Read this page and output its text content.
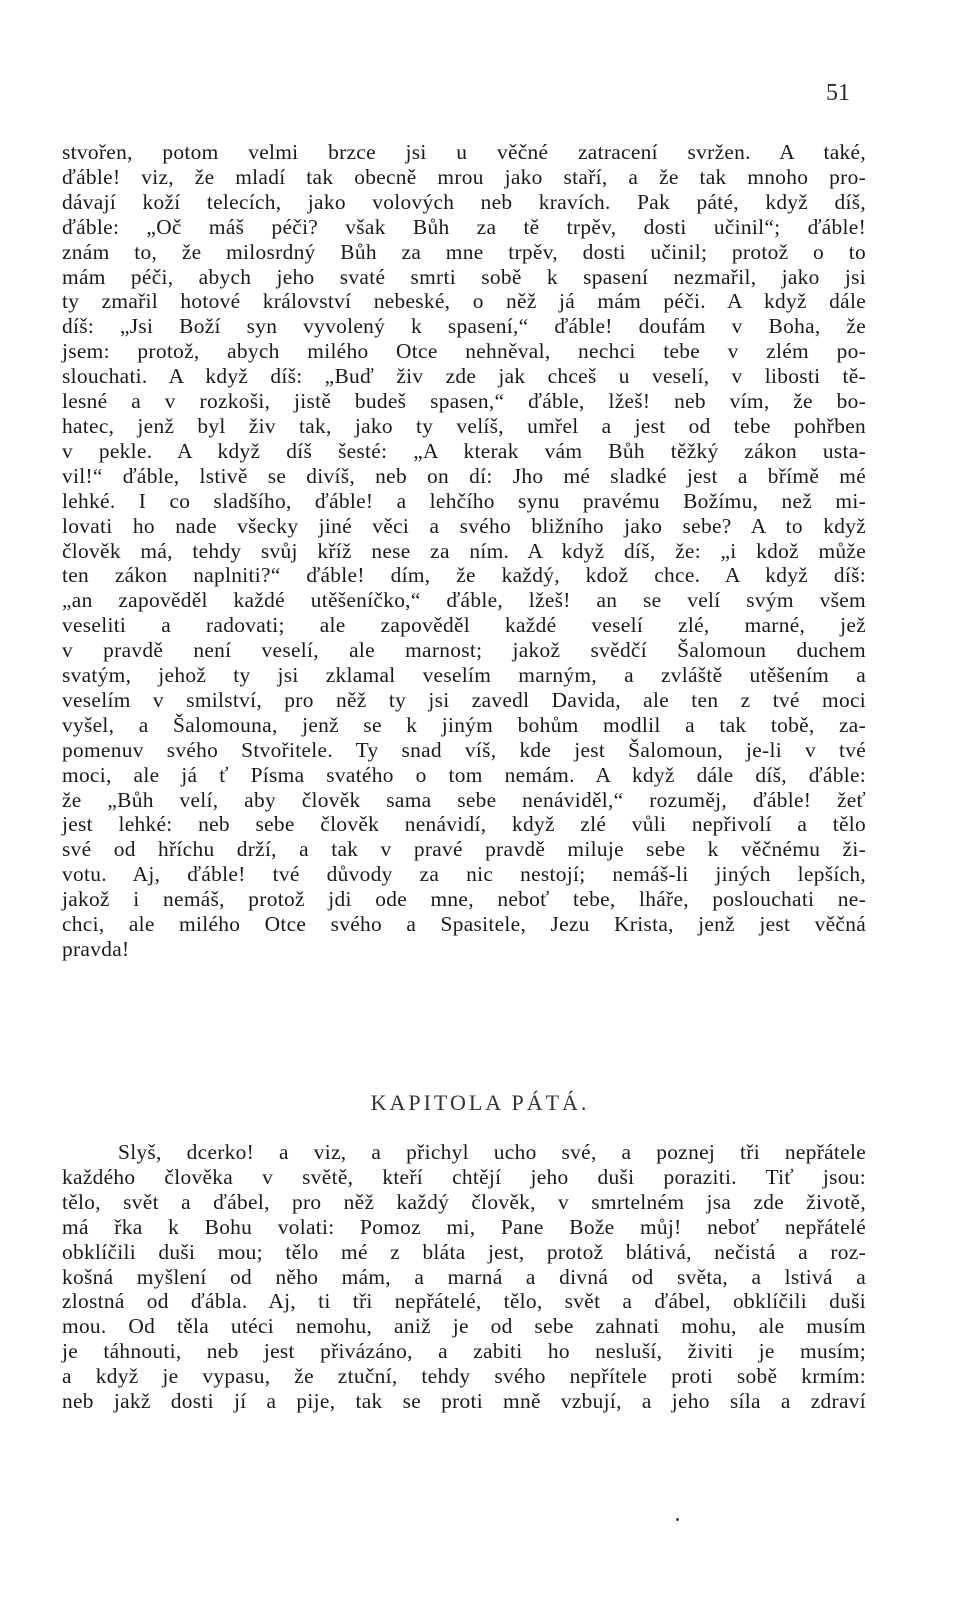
51
stvořen, potom velmi brzce jsi u věčné zatracení svržen. A také,
ďáble! viz, že mladí tak obecně mrou jako staří, a že tak mnoho pro-
dávají koží telecích, jako volových neb kravích. Pak páté, když díš,
ďáble: „Oč máš péči? však Bůh za tě trpěv, dosti učinil“; ďáble!
znám to, že milosrdný Bůh za mne trpěv, dosti učinil; protož o to
mám péči, abych jeho svaté smrti sobě k spasení nezmařil, jako jsi
ty zmařil hotové království nebeské, o něž já mám péči. A když dále
díš: „Jsi Boží syn vyvolený k spasení,“ ďáble! doufám v Boha, že
jsem: protož, abych milého Otce nehněval, nechci tebe v zlém po-
slouchati. A když díš: „Buď živ zde jak chceš u veselí, v libosti tě-
lesné a v rozkoši, jistě budeš spasen,“ ďáble, lžeš! neb vím, že bo-
hatec, jenž byl živ tak, jako ty velíš, umřel a jest od tebe pohřben
v pekle. A když díš šesté: „A kterak vám Bůh těžký zákon usta-
vil!“ ďáble, lstivě se divíš, neb on dí: Jho mé sladké jest a břímě mé
lehké. I co sladšího, ďáble! a lehčího synu pravému Božímu, než mi-
lovati ho nade všecky jiné věci a svého bližního jako sebe? A to když
člověk má, tehdy svůj kříž nese za ním. A když díš, že: „i kdož může
ten zákon naplniti?“ ďáble! dím, že každý, kdož chce. A když díš:
„an zapověděl každé utěšeníčko,“ ďáble, lžeš! an se velí svým všem
veseliti a radovati; ale zapověděl každé veselí zlé, marné, jež
v pravdě není veselí, ale marnost; jakož svědčí Šalomoun duchem
svatým, jehož ty jsi zklamal veselím marným, a zvláště utěšením a
veselím v smilství, pro něž ty jsi zavedl Davida, ale ten z tvé moci
vyšel, a Šalomouna, jenž se k jiným bohům modlil a tak tobě, za-
pomenuv svého Stvořitele. Ty snad víš, kde jest Šalomoun, je-li v tvé
moci, ale já ť Písma svatého o tom nemám. A když dále díš, ďáble:
že „Bůh velí, aby člověk sama sebe nenáviděl,“ rozuměj, ďáble! žeť
jest lehké: neb sebe člověk nenávidí, když zlé vůli nepřivolí a tělo
své od hříchu drží, a tak v pravé pravdě miluje sebe k věčnému ži-
votu. Aj, ďáble! tvé důvody za nic nestojí; nemáš-li jiných lepších,
jakož i nemáš, protož jdi ode mne, neboť tebe, lháře, poslouchati ne-
chci, ale milého Otce svého a Spasitele, Jezu Krista, jenž jest věčná
pravda!
KAPITOLA PÁTÁ.
Slyš, dcerko! a viz, a přichyl ucho své, a poznej tři nepřátele
každého člověka v světě, kteří chtějí jeho duši poraziti. Tiť jsou:
tělo, svět a ďábel, pro něž každý člověk, v smrtelném jsa zde životě,
má řka k Bohu volati: Pomoz mi, Pane Bože můj! neboť nepřátelé
obklíčili duši mou; tělo mé z bláta jest, protož blátivá, nečistá a roz-
košná myšlení od něho mám, a marná a divná od světa, a lstivá a
zlostná od ďábla. Aj, ti tři nepřátelé, tělo, svět a ďábel, obklíčili duši
mou. Od těla utéci nemohu, aniž je od sebe zahnati mohu, ale musím
je táhnouti, neb jest přivázáno, a zabiti ho nesluší, živiti je musím;
a když je vypasu, že ztuční, tehdy svého nepřítele proti sobě krmím:
neb jakž dosti jí a pije, tak se proti mně vzbují, a jeho síla a zdraví
